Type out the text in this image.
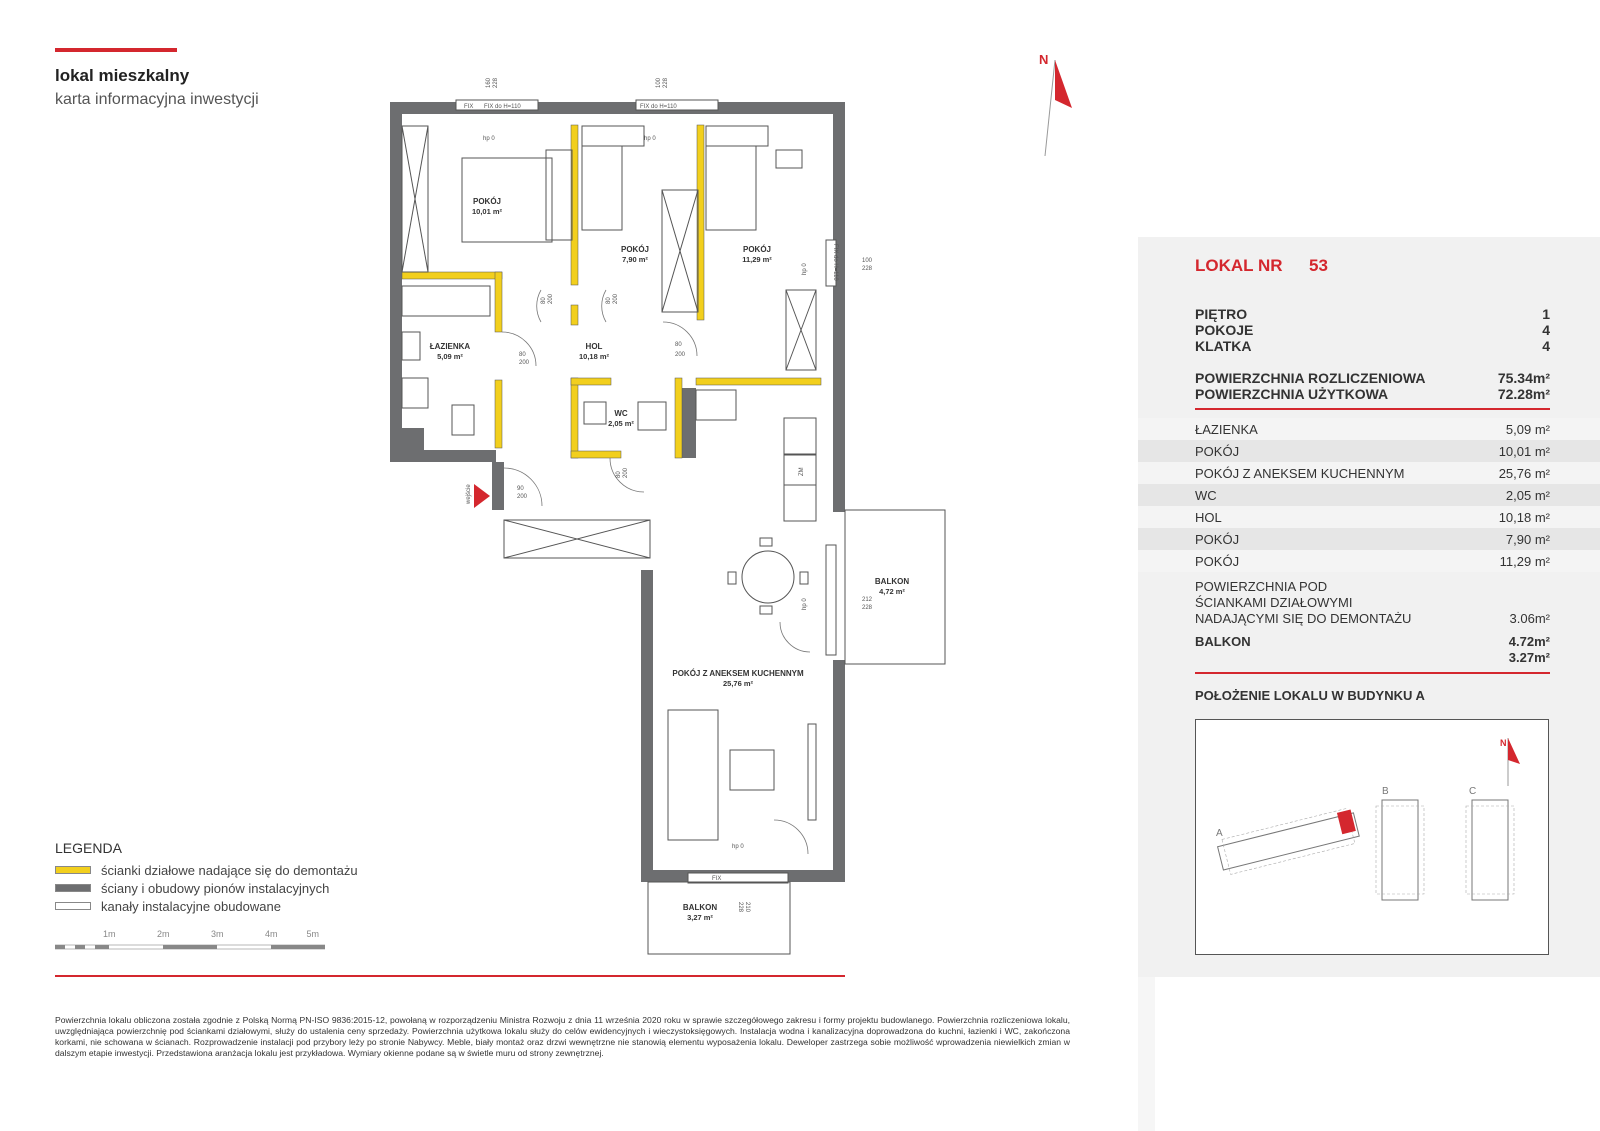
lokal mieszkalny
karta informacyjna inwestycji
wejście
POKÓJ
10,01 m²
POKÓJ
7,90 m²
POKÓJ
11,29 m²
ŁAZIENKA
5,09 m²
HOL
10,18 m²
WC
2,05 m²
BALKON
4,72 m²
POKÓJ Z ANEKSEM KUCHENNYM
25,76 m²
BALKON
3,27 m²
FIX FIX do H=110	FIX do H=110
FIX do H=110
FIX
160 228	100 228
100
228
212
228
210
228
80 200	80 200
80
200
80
200
80 200
90
200
hp 0	hp 0
hp 0
hp 0
hp 0
ZM
N
LEGENDA
ścianki działowe nadające się do demontażu
ściany i obudowy pionów instalacyjnych
kanały instalacyjne obudowane
1m	2m	3m	4m	5m
Powierzchnia lokalu obliczona została zgodnie z Polską Normą PN-ISO 9836:2015-12, powołaną w rozporządzeniu Ministra Rozwoju z dnia 11 września 2020 roku w sprawie szczegółowego zakresu i formy projektu budowlanego. Powierzchnia rozliczeniowa lokalu, uwzględniająca powierzchnię pod ściankami działowymi, służy do ustalenia ceny sprzedaży. Powierzchnia użytkowa lokalu służy do celów ewidencyjnych i wieczystoksięgowych. Instalacja wodna i kanalizacyjna doprowadzona do kuchni, łazienki i WC, zakończona korkami, nie schowana w ścianach. Rozprowadzenie instalacji pod przybory leży po stronie Nabywcy. Meble, biały montaż oraz drzwi wewnętrzne nie stanowią elementu wyposażenia lokalu. Deweloper zastrzega sobie możliwość wprowadzenia niewielkich zmian w dalszym etapie inwestycji. Przedstawiona aranżacja lokalu jest przykładowa. Wymiary okienne podane są w świetle muru od strony zewnętrznej.
LOKAL NR 53
PIĘTRO	1
POKOJE	4
KLATKA	4
POWIERZCHNIA ROZLICZENIOWA	75.34m²
POWIERZCHNIA UŻYTKOWA	72.28m²
ŁAZIENKA	5,09 m²
POKÓJ	10,01 m²
POKÓJ Z ANEKSEM KUCHENNYM	25,76 m²
WC	2,05 m²
HOL	10,18 m²
POKÓJ	7,90 m²
POKÓJ	11,29 m²
POWIERZCHNIA POD
ŚCIANKAMI DZIAŁOWYMI
NADAJĄCYMI SIĘ DO DEMONTAŻU	3.06m²
BALKON	4.72m²
3.27m²
POŁOŻENIE LOKALU W BUDYNKU A
A
B	C
N
